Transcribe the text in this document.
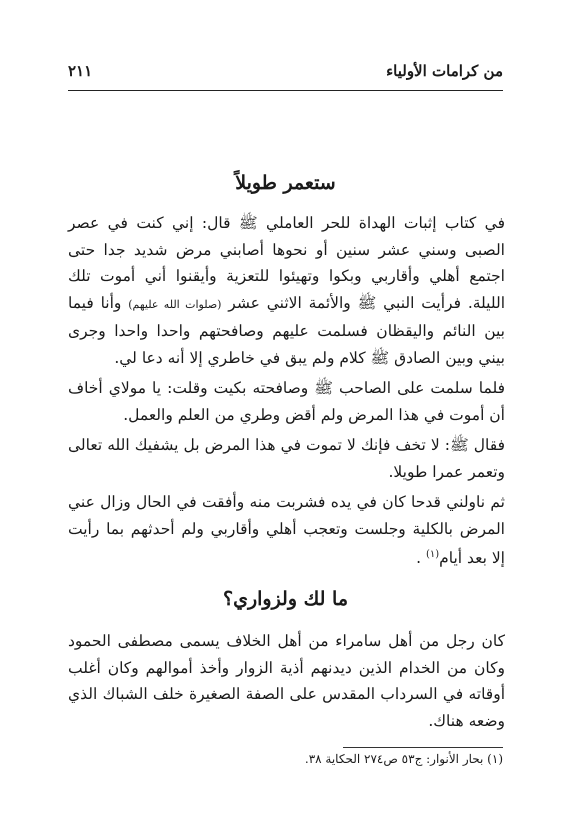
من كرامات الأولياء
٢١١
ستعمر طويلاً

في كتاب إثبات الهداة للحر العاملي ﷺ قال: إني كنت في عصر الصبى وسني عشر سنين أو نحوها أصابني مرض شديد جدا حتى اجتمع أهلي وأقاربي وبكوا وتهيئوا للتعزية وأيقنوا أني أموت تلك الليلة. فرأيت النبي ﷺ والأئمة الاثني عشر (صلوات الله عليهم) وأنا فيما بين النائم واليقظان فسلمت عليهم وصافحتهم واحدا واحدا وجرى بيني وبين الصادق ﷺ كلام ولم يبق في خاطري إلا أنه دعا لي.

فلما سلمت على الصاحب ﷺ وصافحته بكيت وقلت: يا مولاي أخاف أن أموت في هذا المرض ولم أقض وطري من العلم والعمل.

فقال ﷺ: لا تخف فإنك لا تموت في هذا المرض بل يشفيك الله تعالى وتعمر عمرا طويلا.

ثم ناولني قدحا كان في يده فشربت منه وأفقت في الحال وزال عني المرض بالكلية وجلست وتعجب أهلي وأقاربي ولم أحدثهم بما رأيت إلا بعد أيام$^{(١)}$ .

ما لك ولزواري؟

كان رجل من أهل سامراء من أهل الخلاف يسمى مصطفى الحمود وكان من الخدام الذين ديدنهم أذية الزوار وأخذ أموالهم وكان أغلب أوقاته في السرداب المقدس على الصفة الصغيرة خلف الشباك الذي وضعه هناك.

(١) بحار الأنوار: ج٥٣ ص٢٧٤ الحكاية ٣٨.
